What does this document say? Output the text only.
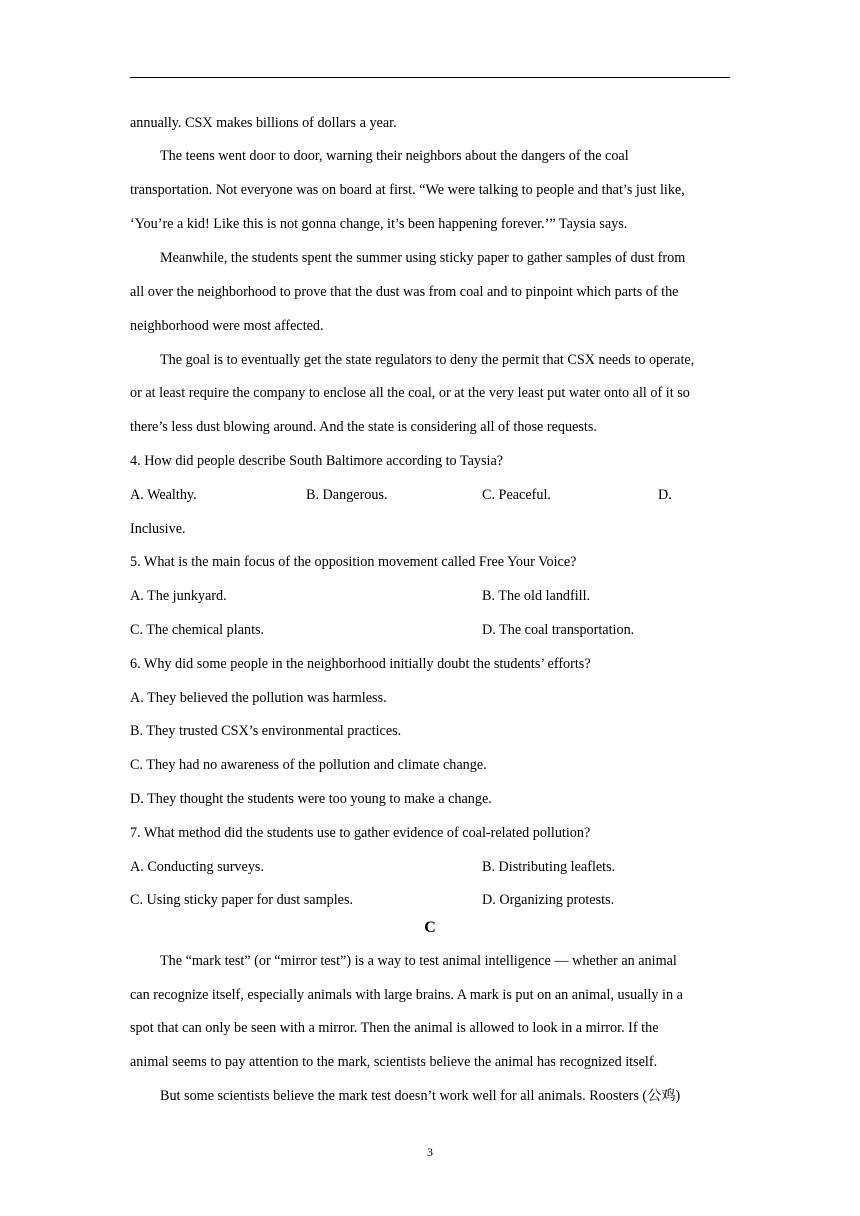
annually. CSX makes billions of dollars a year.
The teens went door to door, warning their neighbors about the dangers of the coal
transportation. Not everyone was on board at first. “We were talking to people and that’s just like,
‘You’re a kid! Like this is not gonna change, it’s been happening forever.’” Taysia says.
Meanwhile, the students spent the summer using sticky paper to gather samples of dust from
all over the neighborhood to prove that the dust was from coal and to pinpoint which parts of the
neighborhood were most affected.
The goal is to eventually get the state regulators to deny the permit that CSX needs to operate,
or at least require the company to enclose all the coal, or at the very least put water onto all of it so
there’s less dust blowing around. And the state is considering all of those requests.
4. How did people describe South Baltimore according to Taysia?
A. Wealthy.	B. Dangerous.	C. Peaceful.	D.
Inclusive.
5. What is the main focus of the opposition movement called Free Your Voice?
A. The junkyard.	B. The old landfill.
C. The chemical plants.	D. The coal transportation.
6. Why did some people in the neighborhood initially doubt the students’ efforts?
A. They believed the pollution was harmless.
B. They trusted CSX’s environmental practices.
C. They had no awareness of the pollution and climate change.
D. They thought the students were too young to make a change.
7. What method did the students use to gather evidence of coal-related pollution?
A. Conducting surveys.	B. Distributing leaflets.
C. Using sticky paper for dust samples.	D. Organizing protests.
C
The “mark test” (or “mirror test”) is a way to test animal intelligence — whether an animal
can recognize itself, especially animals with large brains. A mark is put on an animal, usually in a
spot that can only be seen with a mirror. Then the animal is allowed to look in a mirror. If the
animal seems to pay attention to the mark, scientists believe the animal has recognized itself.
But some scientists believe the mark test doesn’t work well for all animals. Roosters (公鸡)
3
